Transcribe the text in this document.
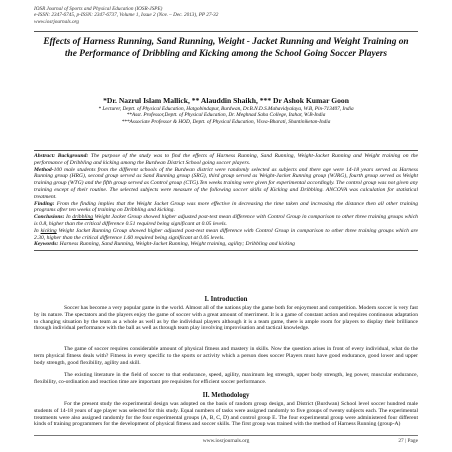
IOSR Journal of Sports and Physical Education (IOSR-JSPE)
e-ISSN: 2347-6745, p-ISSN: 2347-6737, Volume 1, Issue 2 (Nov. – Dec. 2013), PP 27-32
www.iosrjournals.org
Effects of Harness Running, Sand Running, Weight - Jacket Running and Weight Training on the Performance of Dribbling and Kicking among the School Going Soccer Players
*Dr. Nazrul Islam Mallick, ** Alauddin Shaikh, *** Dr Ashok Kumar Goon
* Lecturer, Deptt. of Physical Education, Hatgobindapur, Burdwan, Dr.B.N.D.S.Mahavidyalaya, W.B, Pin-713407, India
**Asst. Professor,Deptt. of Physical Education, Dr. Meghnad Saha College, Itahar, W.B-India
***Associate Professor & HOD, Deptt. of Physical Education, Visva-Bharati, Shantiniketan-India

Abstract: Background: The purpose of the study was to find the effects of Harness Running, Sand Running, Weight-Jacket Running and Weight training on the performance of Dribbling and kicking among the Burdwan District School going soccer players.

Method-100 male students from the different schools of the Burdwan district were randomly selected as subjects and there age were 14-18 years served as Harness Running group (HRG), second group served as Sand Running group (SRG), third group served as Weight-Jacket Running group (WJRG), fourth group served as Weight training group (WTG) and the fifth group served as Control group (CTG).Ten weeks training were given for experimental accordingly. The control group was not given any training except of their routine. The selected subjects were measure of the following soccer skills of Kicking and Dribbling. ANCOVA was calculation for statistical treatment.

Finding: From the finding implies that the Weight Jacket Group was more effective in decreasing the time taken and increasing the distance then all other training programs after ten weeks of training on Dribbling and kicking.

Conclusions: In dribbling Weight Jacket Group showed higher adjusted post-test mean difference with Control Group in comparison to other three training groups which is 0.8, higher than the critical difference 0.51 required being significant at 0.05 levels.

In kicking Weight Jacket Running Group showed higher adjusted post-test mean difference with Control Group in comparison to other three training groups which are 2.30, higher than the critical difference 1.60 required being significant at 0.05 levels.

Keywords: Harness Running, Sand Running, Weight-Jacket Running, Weight training, agility; Dribbling and kicking

I. Introduction

Soccer has become a very popular game in the world. Almost all of the nations play the game both for enjoyment and competition. Modern soccer is very fast by its nature. The spectators and the players enjoy the game of soccer with a great amount of merriment. It is a game of constant action and requires continuous adaptation to changing situation by the team as a whole as well as by the individual players although it is a team game, there is ample room for players to display their brilliance through individual performance with the ball as well as through team play involving improvisation and tactical knowledge.

The game of soccer requires considerable amount of physical fitness and mastery in skills. Now the question arises in front of every individual, what do the term physical fitness deals with? Fitness in every specific to the sports or activity which a person does soccer Players must have good endurance, good lower and upper body strength, good flexibility, agility and skill.

The existing literature in the field of soccer to that endurance, speed, agility, maximum leg strength, upper body strength, leg power, muscular endurance, flexibility, co-ordination and reaction time are important pre requisites for efficient soccer performance.

II. Methodology

For the present study the experimental design was adopted on the basis of random group design, and District (Burdwan) School level soccer hundred male students of 14-18 years of age player was selected for this study. Equal numbers of tasks were assigned randomly to five groups of twenty subjects each. The experimental treatments were also assigned randomly for the four experimental groups (A, B, C, D) and control group E. The four experimental group were administered four different kinds of training programmers for the development of physical fitness and soccer skills. The first group was trained with the method of Harness Running (group-A)

www.iosrjournals.org	27 | Page
